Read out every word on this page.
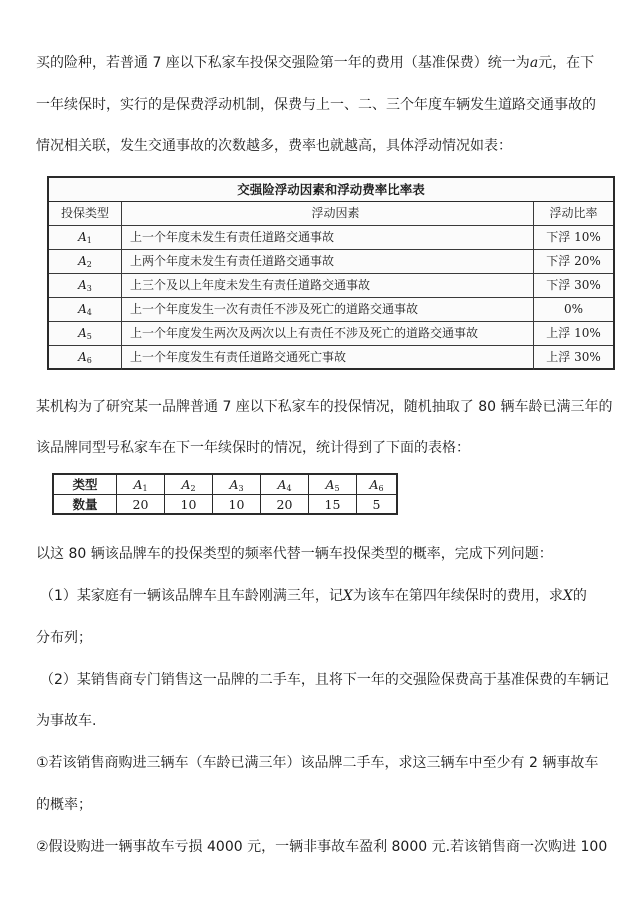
买的险种，若普通 7 座以下私家车投保交强险第一年的费用（基准保费）统一为a元，在下
一年续保时，实行的是保费浮动机制，保费与上一、二、三个年度车辆发生道路交通事故的
情况相关联，发生交通事故的次数越多，费率也就越高，具体浮动情况如表：
交强险浮动因素和浮动费率比率表
投保类型	浮动因素	浮动比率
$A_1$	上一个年度未发生有责任道路交通事故	下浮 10%
$A_2$	上两个年度未发生有责任道路交通事故	下浮 20%
$A_3$	上三个及以上年度未发生有责任道路交通事故	下浮 30%
$A_4$	上一个年度发生一次有责任不涉及死亡的道路交通事故	0%
$A_5$	上一个年度发生两次及两次以上有责任不涉及死亡的道路交通事故	上浮 10%
$A_6$	上一个年度发生有责任道路交通死亡事故	上浮 30%
某机构为了研究某一品牌普通 7 座以下私家车的投保情况，随机抽取了 80 辆车龄已满三年的
该品牌同型号私家车在下一年续保时的情况，统计得到了下面的表格：
类型	$A_1$	$A_2$	$A_3$	$A_4$	$A_5$	$A_6$
数量	20	10	10	20	15	5
以这 80 辆该品牌车的投保类型的频率代替一辆车投保类型的概率，完成下列问题：
（1）某家庭有一辆该品牌车且车龄刚满三年，记X为该车在第四年续保时的费用，求X的
分布列；
（2）某销售商专门销售这一品牌的二手车，且将下一年的交强险保费高于基准保费的车辆记
为事故车.
①若该销售商购进三辆车（车龄已满三年）该品牌二手车，求这三辆车中至少有 2 辆事故车
的概率；
②假设购进一辆事故车亏损 4000 元，一辆非事故车盈利 8000 元.若该销售商一次购进 100
